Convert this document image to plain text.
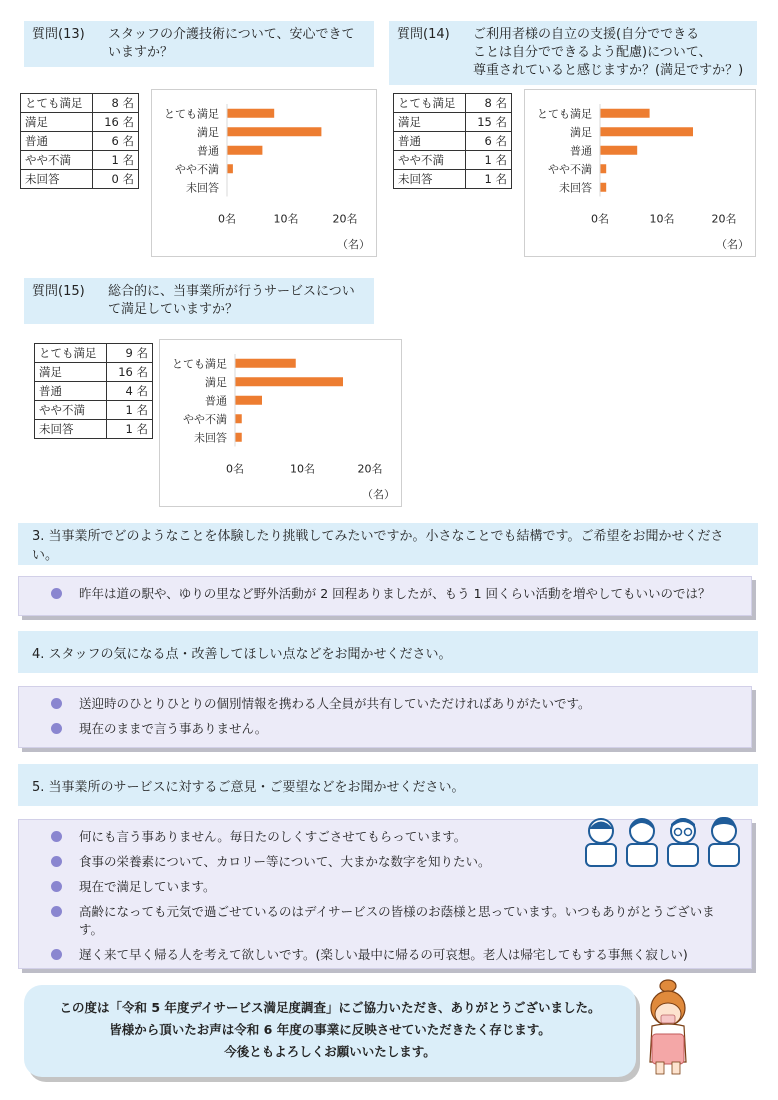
質問(13)	スタッフの介護技術について、安心できて
いますか？
とても満足	8 名
満足	16 名
普通	6 名
やや不満	1 名
未回答	0 名
とても満足
満足
普通
やや不満
未回答
0名	10名	20名
（名）
質問(14)	ご利用者様の自立の支援(自分でできる
ことは自分でできるよう配慮)について、
尊重されていると感じますか？(満足ですか？)
とても満足	8 名
満足	15 名
普通	6 名
やや不満	1 名
未回答	1 名
とても満足
満足
普通
やや不満
未回答
0名	10名	20名
（名）
質問(15)	総合的に、当事業所が行うサービスについ
て満足していますか？
とても満足	9 名
満足	16 名
普通	4 名
やや不満	1 名
未回答	1 名
とても満足
満足
普通
やや不満
未回答
0名	10名	20名
（名）
3. 当事業所でどのようなことを体験したり挑戦してみたいですか。小さなことでも結構です。ご希望をお聞かせください。
昨年は道の駅や、ゆりの里など野外活動が 2 回程ありましたが、もう 1 回くらい活動を増やしてもいいのでは？
4. スタッフの気になる点・改善してほしい点などをお聞かせください。
送迎時のひとりひとりの個別情報を携わる人全員が共有していただければありがたいです。
現在のままで言う事ありません。
5. 当事業所のサービスに対するご意見・ご要望などをお聞かせください。
何にも言う事ありません。毎日たのしくすごさせてもらっています。
食事の栄養素について、カロリー等について、大まかな数字を知りたい。
現在で満足しています。
高齢になっても元気で過ごせているのはデイサービスの皆様のお蔭様と思っています。いつもありがとうございます。
遅く来て早く帰る人を考えて欲しいです。(楽しい最中に帰るの可哀想。老人は帰宅してもする事無く寂しい)
この度は「令和 5 年度デイサービス満足度調査」にご協力いただき、ありがとうございました。
皆様から頂いたお声は令和 6 年度の事業に反映させていただきたく存じます。
今後ともよろしくお願いいたします。
